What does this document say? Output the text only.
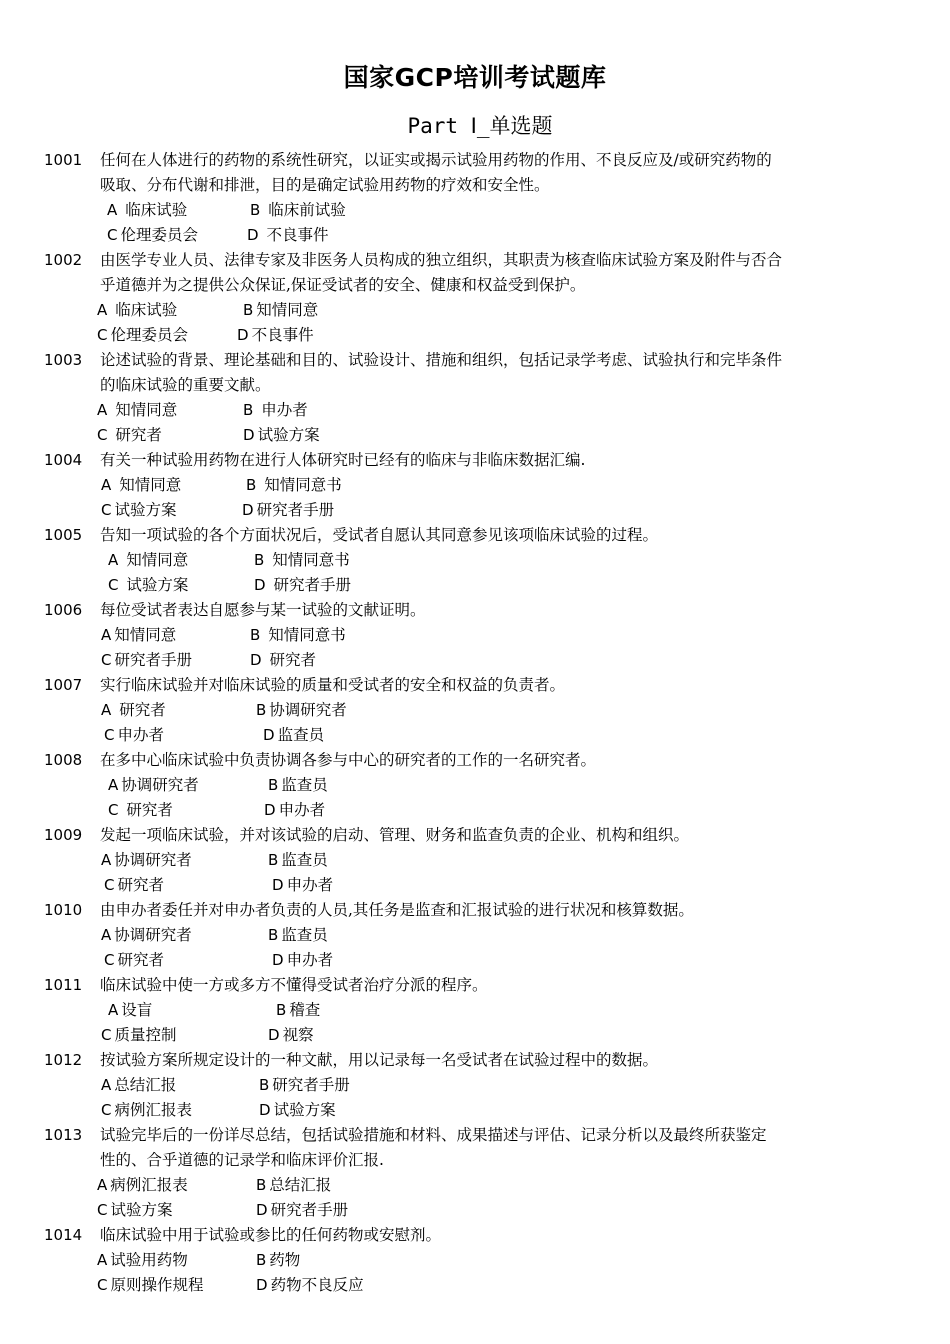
国家GCP培训考试题库
Part Ⅰ_单选题
1001 任何在人体进行的药物的系统性研究，以证实或揭示试验用药物的作用、不良反应及/或研究药物的
吸取、分布代谢和排泄，目的是确定试验用药物的疗效和安全性。
A 临床试验	B 临床前试验
C 伦理委员会	D 不良事件
1002 由医学专业人员、法律专家及非医务人员构成的独立组织，其职责为核查临床试验方案及附件与否合
乎道德并为之提供公众保证,保证受试者的安全、健康和权益受到保护。
A 临床试验	B 知情同意
C 伦理委员会	D 不良事件
1003 论述试验的背景、理论基础和目的、试验设计、措施和组织，包括记录学考虑、试验执行和完毕条件
的临床试验的重要文献。
A 知情同意	B 申办者
C 研究者	D 试验方案
1004 有关一种试验用药物在进行人体研究时已经有的临床与非临床数据汇编.
A 知情同意	B 知情同意书
C 试验方案	D 研究者手册
1005 告知一项试验的各个方面状况后，受试者自愿认其同意参见该项临床试验的过程。
A 知情同意	B 知情同意书
C 试验方案	D 研究者手册
1006 每位受试者表达自愿参与某一试验的文献证明。
A 知情同意	B 知情同意书
C 研究者手册	D 研究者
1007 实行临床试验并对临床试验的质量和受试者的安全和权益的负责者。
A 研究者	B 协调研究者
C 申办者	D 监查员
1008 在多中心临床试验中负责协调各参与中心的研究者的工作的一名研究者。
A 协调研究者	B 监查员
C 研究者	D 申办者
1009 发起一项临床试验，并对该试验的启动、管理、财务和监查负责的企业、机构和组织。
A 协调研究者	B 监查员
C 研究者	D 申办者
1010 由申办者委任并对申办者负责的人员,其任务是监查和汇报试验的进行状况和核算数据。
A 协调研究者	B 监查员
C 研究者	D 申办者
1011 临床试验中使一方或多方不懂得受试者治疗分派的程序。
A 设盲	B 稽查
C 质量控制	D 视察
1012 按试验方案所规定设计的一种文献，用以记录每一名受试者在试验过程中的数据。
A 总结汇报	B 研究者手册
C 病例汇报表	D 试验方案
1013 试验完毕后的一份详尽总结，包括试验措施和材料、成果描述与评估、记录分析以及最终所获鉴定
性的、合乎道德的记录学和临床评价汇报.
A 病例汇报表	B 总结汇报
C 试验方案	D 研究者手册
1014 临床试验中用于试验或参比的任何药物或安慰剂。
A 试验用药物	B 药物
C 原则操作规程	D 药物不良反应
